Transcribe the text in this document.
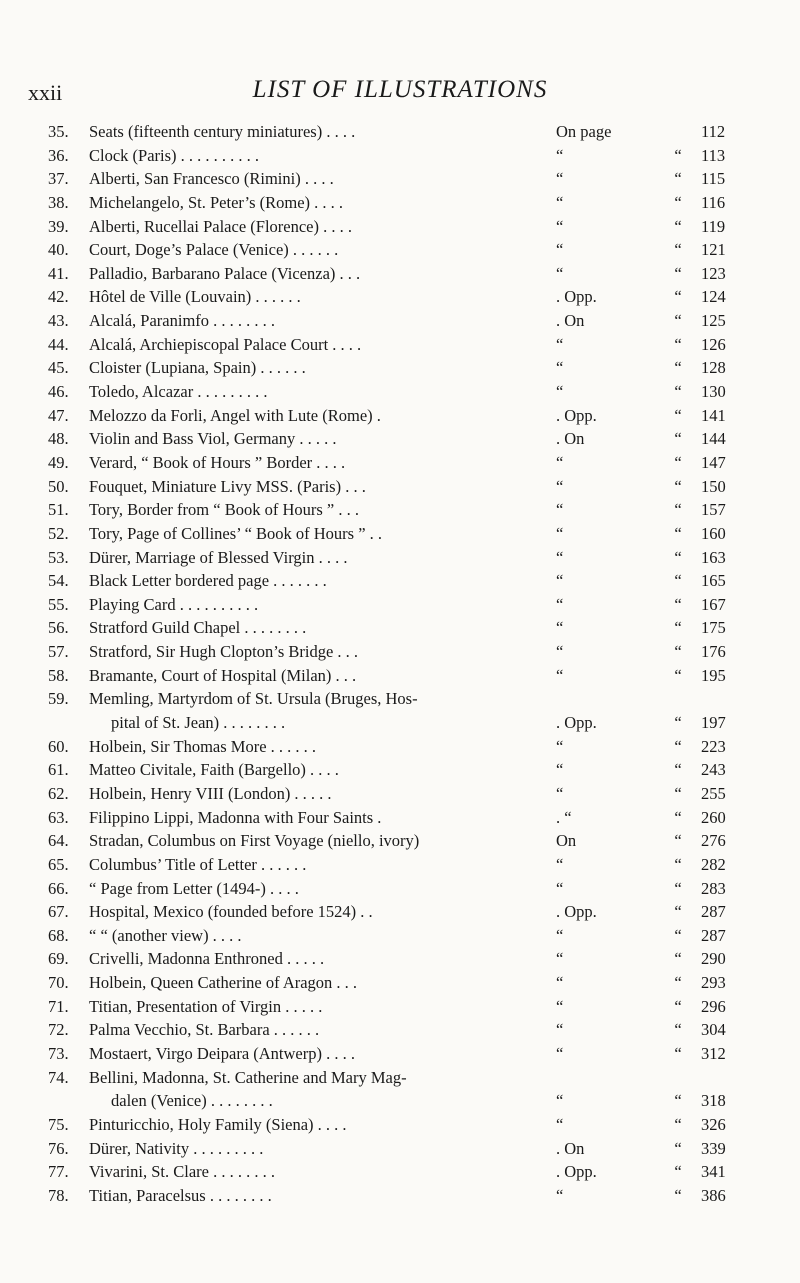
xxii	LIST OF ILLUSTRATIONS
35. Seats (fifteenth century miniatures) . . . .	On page	112
36. Clock (Paris) . . . . . . . . . .	“	“	113
37. Alberti, San Francesco (Rimini) . . . .	“	“	115
38. Michelangelo, St. Peter’s (Rome) . . . .	“	“	116
39. Alberti, Rucellai Palace (Florence) . . . .	“	“	119
40. Court, Doge’s Palace (Venice) . . . . . .	“	“	121
41. Palladio, Barbarano Palace (Vicenza) . . .	“	“	123
42. Hôtel de Ville (Louvain) . . . . . .	. Opp.	“	124
43. Alcalá, Paranimfo . . . . . . . .	. On	“	125
44. Alcalá, Archiepiscopal Palace Court . . . .	“	“	126
45. Cloister (Lupiana, Spain) . . . . . .	“	“	128
46. Toledo, Alcazar . . . . . . . . .	“	“	130
47. Melozzo da Forli, Angel with Lute (Rome) .	. Opp.	“	141
48. Violin and Bass Viol, Germany . . . . .	. On	“	144
49. Verard, “ Book of Hours ” Border . . . .	“	“	147
50. Fouquet, Miniature Livy MSS. (Paris) . . .	“	“	150
51. Tory, Border from “ Book of Hours ” . . .	“	“	157
52. Tory, Page of Collines’ “ Book of Hours ” . .	“	“	160
53. Dürer, Marriage of Blessed Virgin . . . .	“	“	163
54. Black Letter bordered page . . . . . . .	“	“	165
55. Playing Card . . . . . . . . . .	“	“	167
56. Stratford Guild Chapel . . . . . . . .	“	“	175
57. Stratford, Sir Hugh Clopton’s Bridge . . .	“	“	176
58. Bramante, Court of Hospital (Milan) . . .	“	“	195
59. Memling, Martyrdom of St. Ursula (Bruges, Hos-
pital of St. Jean) . . . . . . . .	. Opp.	“	197
60. Holbein, Sir Thomas More . . . . . .	“	“	223
61. Matteo Civitale, Faith (Bargello) . . . .	“	“	243
62. Holbein, Henry VIII (London) . . . . .	“	“	255
63. Filippino Lippi, Madonna with Four Saints .	. “	“	260
64. Stradan, Columbus on First Voyage (niello, ivory)	On	“	276
65. Columbus’ Title of Letter . . . . . .	“	“	282
66. “ Page from Letter (1494-) . . . .	“	“	283
67. Hospital, Mexico (founded before 1524) . .	. Opp.	“	287
68. “ “ (another view) . . . .	“	“	287
69. Crivelli, Madonna Enthroned . . . . .	“	“	290
70. Holbein, Queen Catherine of Aragon . . .	“	“	293
71. Titian, Presentation of Virgin . . . . .	“	“	296
72. Palma Vecchio, St. Barbara . . . . . .	“	“	304
73. Mostaert, Virgo Deipara (Antwerp) . . . .	“	“	312
74. Bellini, Madonna, St. Catherine and Mary Mag-
dalen (Venice) . . . . . . . .	“	“	318
75. Pinturicchio, Holy Family (Siena) . . . .	“	“	326
76. Dürer, Nativity . . . . . . . . .	. On	“	339
77. Vivarini, St. Clare . . . . . . . .	. Opp.	“	341
78. Titian, Paracelsus . . . . . . . .	“	“	386
